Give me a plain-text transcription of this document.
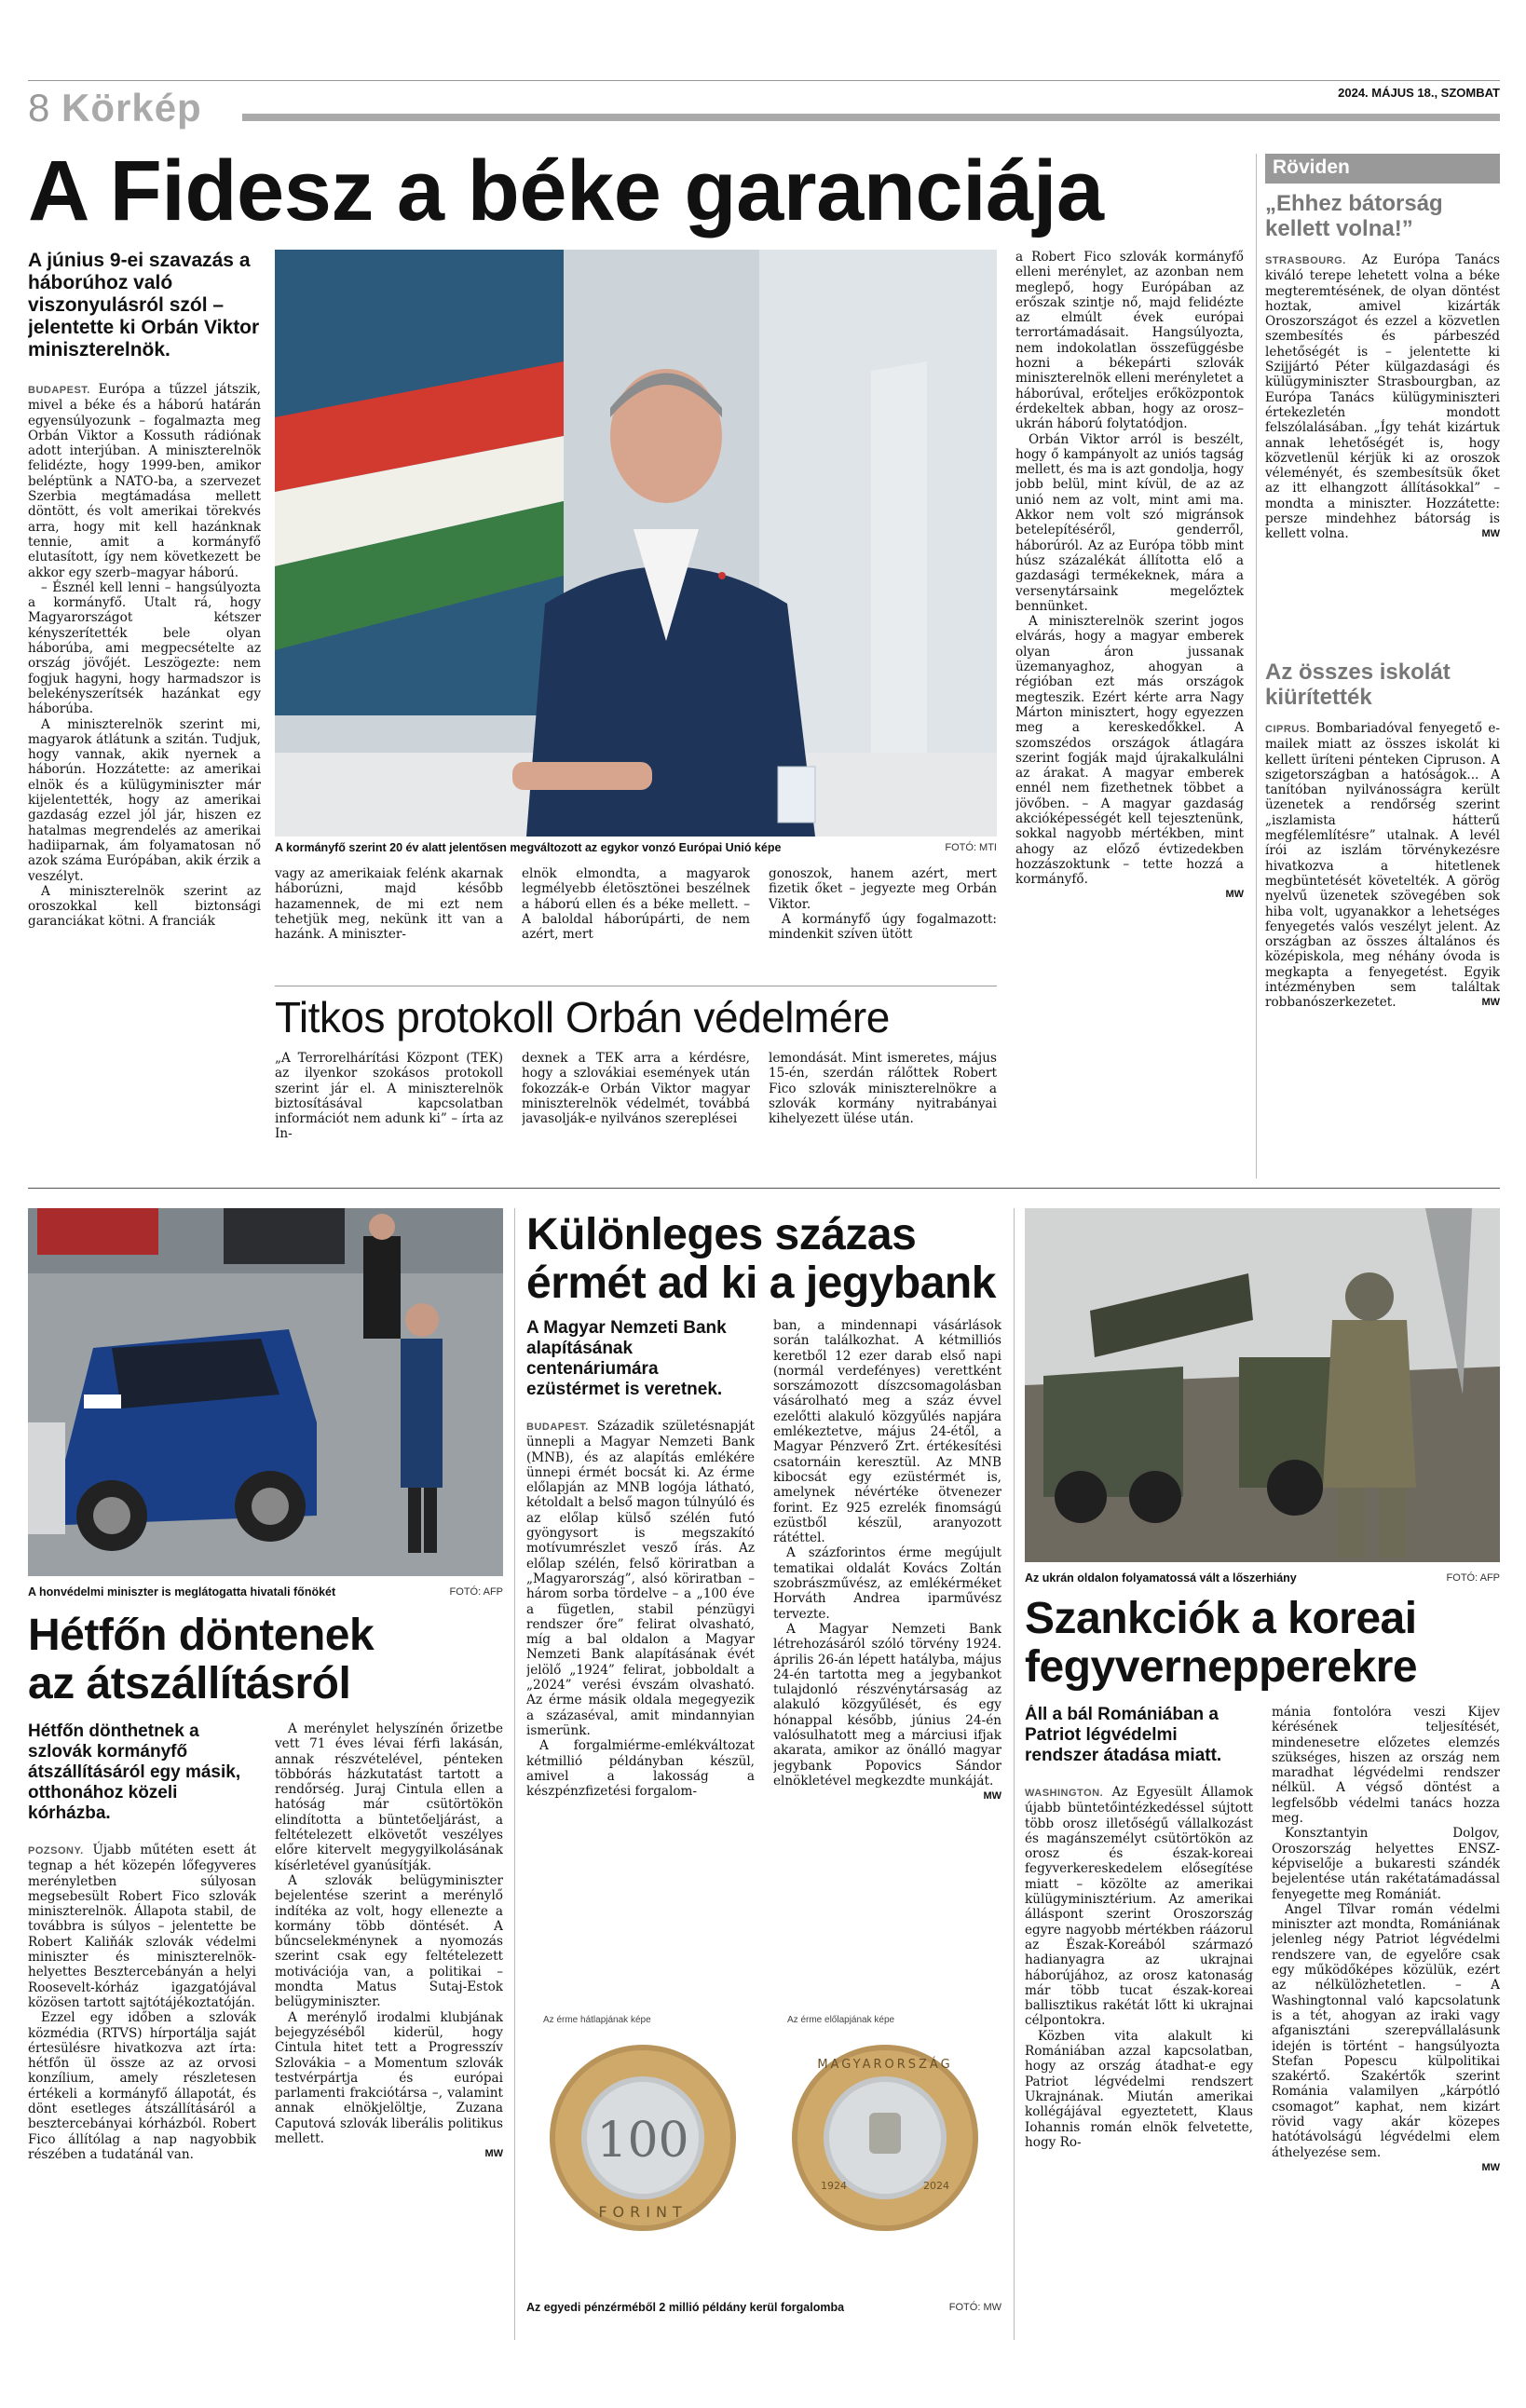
8 Körkép	2024. MÁJUS 18., SZOMBAT
A Fidesz a béke garanciája

A június 9-ei szavazás a háborúhoz való viszonyulásról szól – jelentette ki Orbán Viktor miniszterelnök.

BUDAPEST. Európa a tűzzel játszik, mivel a béke és a háború határán egyensúlyozunk – fogalmazta meg Orbán Viktor a Kossuth rádiónak adott interjúban. A miniszterelnök felidézte, hogy 1999-ben, amikor beléptünk a NATO-ba, a szervezet Szerbia megtámadása mellett döntött, és volt amerikai törekvés arra, hogy mit kell hazánknak tennie, amit a kormányfő elutasított, így nem következett be akkor egy szerb–magyar háború.

– Észnél kell lenni – hangsúlyozta a kormányfő. Utalt rá, hogy Magyarországot kétszer kényszerítették bele olyan háborúba, ami megpecsételte az ország jövőjét. Leszögezte: nem fogjuk hagyni, hogy harmadszor is belekényszerítsék hazánkat egy háborúba.

A miniszterelnök szerint mi, magyarok átlátunk a szitán. Tudjuk, hogy vannak, akik nyernek a háborún. Hozzátette: az amerikai elnök és a külügyminiszter már kijelentették, hogy az amerikai gazdaság ezzel jól jár, hiszen ez hatalmas megrendelés az amerikai hadiiparnak, ám folyamatosan nő azok száma Európában, akik érzik a veszélyt.

A miniszterelnök szerint az oroszokkal kell biztonsági garanciákat kötni. A franciák

A kormányfő szerint 20 év alatt jelentősen megváltozott az egykor vonzó Európai Unió képe	FOTÓ: MTI

vagy az amerikaiak felénk akarnak háborúzni, majd később hazamennek, de mi ezt nem tehetjük meg, nekünk itt van a hazánk. A miniszter-

elnök elmondta, a magyarok legmélyebb életösztönei beszélnek a háború ellen és a béke mellett. – A baloldal háborúpárti, de nem azért, mert

gonoszok, hanem azért, mert fizetik őket – jegyezte meg Orbán Viktor.

A kormányfő úgy fogalmazott: mindenkit szíven ütött

a Robert Fico szlovák kormányfő elleni merénylet, az azonban nem meglepő, hogy Európában az erőszak szintje nő, majd felidézte az elmúlt évek európai terrortámadásait. Hangsúlyozta, nem indokolatlan összefüggésbe hozni a békepárti szlovák miniszterelnök elleni merényletet a háborúval, erőteljes erőközpontok érdekeltek abban, hogy az orosz–ukrán háború folytatódjon.

Orbán Viktor arról is beszélt, hogy ő kampányolt az uniós tagság mellett, és ma is azt gondolja, hogy jobb belül, mint kívül, de az az unió nem az volt, mint ami ma. Akkor nem volt szó migránsok betelepítéséről, genderről, háborúról. Az az Európa több mint húsz százalékát állította elő a gazdasági termékeknek, mára a versenytársaink megelőztek bennünket.

A miniszterelnök szerint jogos elvárás, hogy a magyar emberek olyan áron jussanak üzemanyaghoz, ahogyan a régióban ezt más országok megteszik. Ezért kérte arra Nagy Márton minisztert, hogy egyezzen meg a kereskedőkkel. A szomszédos országok átlagára szerint fogják majd újrakalkulálni az árakat. A magyar emberek ennél nem fizethetnek többet a jövőben. – A magyar gazdaság akcióképességét kell tejesztenünk, sokkal nagyobb mértékben, mint ahogy az előző évtizedekben hozzászoktunk – tette hozzá a kormányfő.

MW

Titkos protokoll Orbán védelmére

„A Terrorelhárítási Központ (TEK) az ilyenkor szokásos protokoll szerint jár el. A miniszterelnök biztosításával kapcsolatban információt nem adunk ki” – írta az In-

dexnek a TEK arra a kérdésre, hogy a szlovákiai események után fokozzák-e Orbán Viktor magyar miniszterelnök védelmét, továbbá javasolják-e nyilvános szereplései

lemondását. Mint ismeretes, május 15-én, szerdán rálőttek Robert Fico szlovák miniszterelnökre a szlovák kormány nyitrabányai kihelyezett ülése után.

Röviden
„Ehhez bátorság kellett volna!”

STRASBOURG. Az Európa Tanács kiváló terepe lehetett volna a béke megteremtésének, de olyan döntést hoztak, amivel kizárták Oroszországot és ezzel a közvetlen szembesítés és párbeszéd lehetőségét is – jelentette ki Szijjártó Péter külgazdasági és külügyminiszter Strasbourgban, az Európa Tanács külügyminiszteri értekezletén mondott felszólalásában. „Így tehát kizártuk annak lehetőségét is, hogy közvetlenül kérjük ki az oroszok véleményét, és szembesítsük őket az itt elhangzott állításokkal” – mondta a miniszter. Hozzátette: persze mindehhez bátorság is kellett volna.	MW

Az összes iskolát kiürítették

CIPRUS. Bombariadóval fenyegető e-mailek miatt az összes iskolát ki kellett üríteni pénteken Cipruson. A szigetországban a hatóságok... A tanítóban nyilvánosságra került üzenetek a rendőrség szerint „iszlamista hátterű megfélemlítésre” utalnak. A levél írói az iszlám törvénykezésre hivatkozva a hitetlenek megbüntetését követelték. A görög nyelvű üzenetek szövegében sok hiba volt, ugyanakkor a lehetséges fenyegetés valós veszélyt jelent. Az országban az összes általános és középiskola, meg néhány óvoda is megkapta a fenyegetést. Egyik intézményben sem találtak robbanószerkezetet.	MW

A honvédelmi miniszter is meglátogatta hivatali főnökét	FOTÓ: AFP
Hétfőn döntenek
az átszállításról

Hétfőn dönthetnek a szlovák kormányfő átszállításáról egy másik, otthonához közeli kórházba.

POZSONY. Újabb műtéten esett át tegnap a hét közepén lőfegyveres merényletben súlyosan megsebesült Robert Fico szlovák miniszterelnök. Állapota stabil, de továbbra is súlyos – jelentette be Robert Kaliňák szlovák védelmi miniszter és miniszterelnök-helyettes Besztercebányán a helyi Roosevelt-kórház igazgatójával közösen tartott sajtótájékoztatóján.

Ezzel egy időben a szlovák közmédia (RTVS) hírportálja saját értesülésre hivatkozva azt írta: hétfőn ül össze az az orvosi konzílium, amely részletesen értékeli a kormányfő állapotát, és dönt esetleges átszállításáról a besztercebányai kórházból. Robert Fico állítólag a nap nagyobbik részében a tudatánál van.

A merénylet helyszínén őrizetbe vett 71 éves lévai férfi lakásán, annak részvételével, pénteken többórás házkutatást tartott a rendőrség. Juraj Cintula ellen a hatóság már csütörtökön elindította a büntetőeljárást, a feltételezett elkövetőt veszélyes előre kitervelt megygyilkolásának kísérletével gyanúsítják.

A szlovák belügyminiszter bejelentése szerint a merénylő indítéka az volt, hogy ellenezte a kormány több döntését. A bűncselekménynek a nyomozás szerint csak egy feltételezett motivációja van, a politikai – mondta Matus Sutaj-Estok belügyminiszter.

A merénylő irodalmi klubjának bejegyzéséből kiderül, hogy Cintula hitet tett a Progresszív Szlovákia – a Momentum szlovák testvérpártja és európai parlamenti frakciótársa –, valamint annak elnökjelöltje, Zuzana Caputová szlovák liberális politikus mellett.

MW

Különleges százas
érmét ad ki a jegybank

A Magyar Nemzeti Bank alapításának centenáriumára ezüstérmet is veretnek.

BUDAPEST. Századik születésnapját ünnepli a Magyar Nemzeti Bank (MNB), és az alapítás emlékére ünnepi érmét bocsát ki. Az érme előlapján az MNB logója látható, kétoldalt a belső magon túlnyúló és az előlap külső szélén futó gyöngysort is megszakító motívumrészlet vesző írás. Az előlap szélén, felső köriratban a „Magyarország”, alsó köriratban – három sorba tördelve – a „100 éve a fügetlen, stabil pénzügyi rendszer őre” felirat olvasható, míg a bal oldalon a Magyar Nemzeti Bank alapításának évét jelölő „1924” felirat, jobboldalt a „2024” verési évszám olvasható. Az érme másik oldala megegyezik a százaséval, amit mindannyian ismerünk.

A forgalmiérme-emlékváltozat kétmillió példányban készül, amivel a lakosság a készpénzfizetési forgalom-

ban, a mindennapi vásárlások során találkozhat. A kétmilliós keretből 12 ezer darab első napi (normál verdefényes) verettként sorszámozott díszcsomagolásban vásárolható meg a száz évvel ezelőtti alakuló közgyűlés napjára emlékeztetve, május 24-étől, a Magyar Pénzverő Zrt. értékesítési csatornáin keresztül. Az MNB kibocsát egy ezüstérmét is, amelynek névértéke ötvenezer forint. Ez 925 ezrelék finomságú ezüstből készül, aranyozott rátéttel.

A százforintos érme megújult tematikai oldalát Kovács Zoltán szobrászművész, az emlékérméket Horváth Andrea iparművész tervezte.

A Magyar Nemzeti Bank létrehozásáról szóló törvény 1924. április 26-án lépett hatályba, május 24-én tartotta meg a jegybankot tulajdonló részvénytársaság az alakuló közgyűlését, és egy hónappal később, június 24-én valósulhatott meg a márciusi ifjak akarata, amikor az önálló magyar jegybank Popovics Sándor elnökletével megkezdte munkáját.

MW

Az érme hátlapjának képe	Az érme előlapjának képe
100
FORINT
MAGYARORSZÁG
1924	2024
Az egyedi pénzérméből 2 millió példány kerül forgalomba	FOTÓ: MW
Az ukrán oldalon folyamatossá vált a lőszerhiány	FOTÓ: AFP
Szankciók a koreai
fegyvernepperekre

Áll a bál Romániában a Patriot légvédelmi rendszer átadása miatt.

WASHINGTON. Az Egyesült Államok újabb büntetőintézkedéssel sújtott több orosz illetőségű vállalkozást és magánszemélyt csütörtökön az orosz és észak-koreai fegyverkereskedelem elősegítése miatt – közölte az amerikai külügyminisztérium. Az amerikai álláspont szerint Oroszország egyre nagyobb mértékben ráázorul az Észak-Koreából származó hadianyagra az ukrajnai háborújához, az orosz katonaság már több tucat észak-koreai ballisztikus rakétát lőtt ki ukrajnai célpontokra.

Közben vita alakult ki Romániában azzal kapcsolatban, hogy az ország átadhat-e egy Patriot légvédelmi rendszert Ukrajnának. Miután amerikai kollégájával egyeztetett, Klaus Iohannis román elnök felvetette, hogy Ro-

mánia fontolóra veszi Kijev kérésének teljesítését, mindenesetre előzetes elemzés szükséges, hiszen az ország nem maradhat légvédelmi rendszer nélkül. A végső döntést a legfelsőbb védelmi tanács hozza meg.

Konsztantyin Dolgov, Oroszország helyettes ENSZ-képviselője a bukaresti szándék bejelentése után rakétatámadással fenyegette meg Romániát.

Angel Tîlvar román védelmi miniszter azt mondta, Romániának jelenleg négy Patriot légvédelmi rendszere van, de egyelőre csak egy működőképes közülük, ezért az nélkülözhetetlen. – A Washingtonnal való kapcsolatunk is a tét, ahogyan az iraki vagy afganisztáni szerepvállalásunk idején is történt – hangsúlyozta Stefan Popescu külpolitikai szakértő. Szakértők szerint Románia valamilyen „kárpótló csomagot” kaphat, nem kizárt rövid vagy akár közepes hatótávolságú légvédelmi elem áthelyezése sem.

MW
